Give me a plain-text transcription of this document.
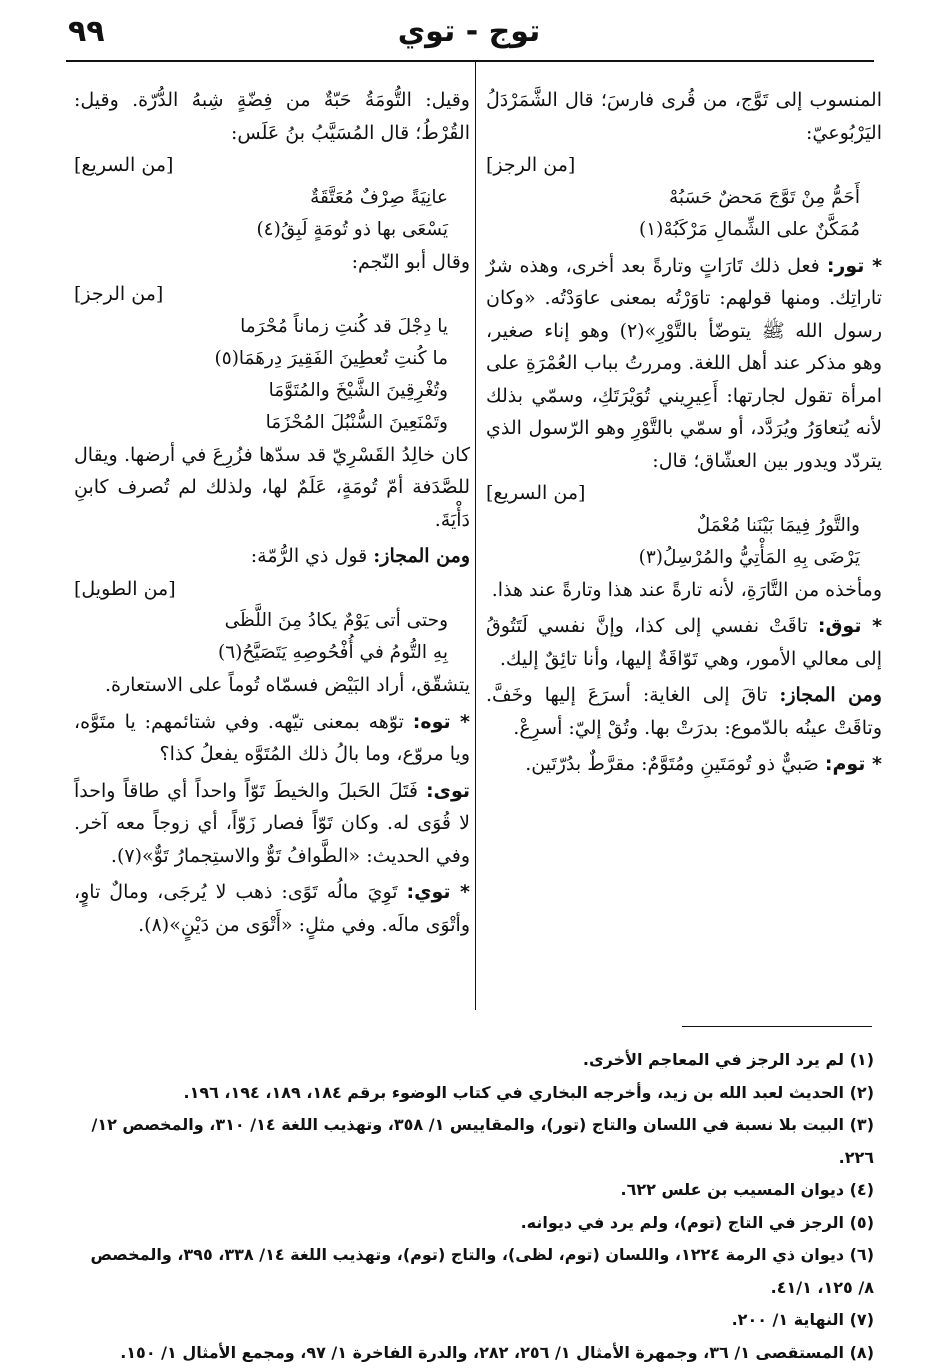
٩٩	توج - توي

المنسوب إلى تَوَّج، من قُرى فارسَ؛ قال الشَّمَرْدَلُ اليَرْبُوعيّ:

[من الرجز]

أَحَمُّ مِنْ تَوَّجَ مَحضٌ حَسَبُهْ

مُمَكَّنٌ على الشِّمالِ مَرْكَبُهْ(١)

* تور: فعل ذلك تَارَاتٍ وتارةً بعد أخرى، وهذه شرٌ تاراتِك. ومنها قولهم: تاوَرْتُه بمعنى عاوَدْتُه. «وكان رسول الله ﷺ يتوضّأ بالتَّوْرِ»(٢) وهو إناء صغير، وهو مذكر عند أهل اللغة. ومررتُ بباب العُمْرَةِ على امرأة تقول لجارتها: أَعِيرِيني تُوَيْرَتَكِ، وسمّي بذلك لأنه يُتعاوَرُ ويُرَدَّد، أو سمّي بالتَّوْرِ وهو الرّسول الذي يتردّد ويدور بين العشّاق؛ قال:

[من السريع]

والتَّورُ فِيمَا بَيْنَنا مُعْمَلٌ

يَرْضَى بِهِ المَأْتِيُّ والمُرْسِلُ(٣)

ومأخذه من التَّارَةِ، لأنه تارةً عند هذا وتارةً عند هذا.

* توق: تاقَتْ نفسي إلى كذا، وإنَّ نفسي لَتَتُوقُ إلى معالي الأمور، وهي تَوّاقَةٌ إليها، وأنا تائِقٌ إليك.

ومن المجاز: تاقَ إلى الغاية: أسرَعَ إليها وخَفَّ. وتاقَتْ عينُه بالدّموع: بدرَتْ بها. وتُقْ إليّ: أسرِعْ.

* توم: صَبيٌّ ذو تُومَتَينِ ومُتَوَّمٌ: مقرَّطٌ بدُرّتَين.

وقيل: التُّومَةُ حَبّةٌ من فِضّةٍ شِبهُ الدُّرّة. وقيل: القُرْطُ؛ قال المُسَيَّبُ بنُ عَلَس:

[من السريع]

عانِيَةً صِرْفٌ مُعَتَّقَةٌ

يَسْعَى بها ذو تُومَةٍ لَبِقُ(٤)

وقال أبو النّجم:

[من الرجز]

يا دِجْلَ قد كُنتِ زماناً مُحْرَما

ما كُنتِ تُعطِينَ الفَقِيرَ دِرهَمَا(٥)

وتُغْرِقِينَ الشَّيْخَ والمُتَوَّمَا

وتَمْنَعِينَ السُّنْبُلَ المُحْزَمَا

كان خالِدُ القَسْرِيّ قد سدّها فزُرِعَ في أرضها. ويقال للصَّدَفة أمّ تُومَةٍ، عَلَمٌ لها، ولذلك لم تُصرف كابنِ دَأْيَةَ.

ومن المجاز: قول ذي الرُّمّة:

[من الطويل]

وحتى أتى يَوْمٌ يكادُ مِنَ اللَّظَى

بِهِ التُّومُ في أُفْحُوصِهِ يَتَصَيَّحُ(٦)

يتشقّق، أراد البَيْض فسمّاه تُوماً على الاستعارة.

* توه: توّهه بمعنى تيّهه. وفي شتائمهم: يا متَوَّه، ويا مروّع، وما بالُ ذلك المُتَوَّه يفعلُ كذا؟

توى: فَتَلَ الحَبلَ والخيطَ تَوّاً واحداً أي طاقاً واحداً لا قُوَى له. وكان تَوّاً فصار زَوّاً، أي زوجاً معه آخر. وفي الحديث: «الطَّوافُ تَوٌّ والاستِجمارُ تَوٌّ»(٧).

* توي: تَوِيَ مالُه تَوًى: ذهب لا يُرجَى، ومالٌ تاوٍ، وأتْوَى مالَه. وفي مثلٍ: «أَتْوَى من دَيْنٍ»(٨).

(١) لم يرد الرجز في المعاجم الأخرى.

(٢) الحديث لعبد الله بن زيد، وأخرجه البخاري في كتاب الوضوء برقم ١٨٤، ١٨٩، ١٩٤، ١٩٦.

(٣) البيت بلا نسبة في اللسان والتاج (تور)، والمقاييس ١/ ٣٥٨، وتهذيب اللغة ١٤/ ٣١٠، والمخصص ١٢/ ٢٢٦.

(٤) ديوان المسيب بن علس ٦٢٢.

(٥) الرجز في التاج (توم)، ولم يرد في ديوانه.

(٦) ديوان ذي الرمة ١٢٢٤، واللسان (توم، لظى)، والتاج (توم)، وتهذيب اللغة ١٤/ ٣٣٨، ٣٩٥، والمخصص ٨/ ١٢٥، ٤١/١.

(٧) النهاية ١/ ٢٠٠.

(٨) المستقصى ١/ ٣٦، وجمهرة الأمثال ١/ ٢٥٦، ٢٨٢، والدرة الفاخرة ١/ ٩٧، ومجمع الأمثال ١/ ١٥٠.
